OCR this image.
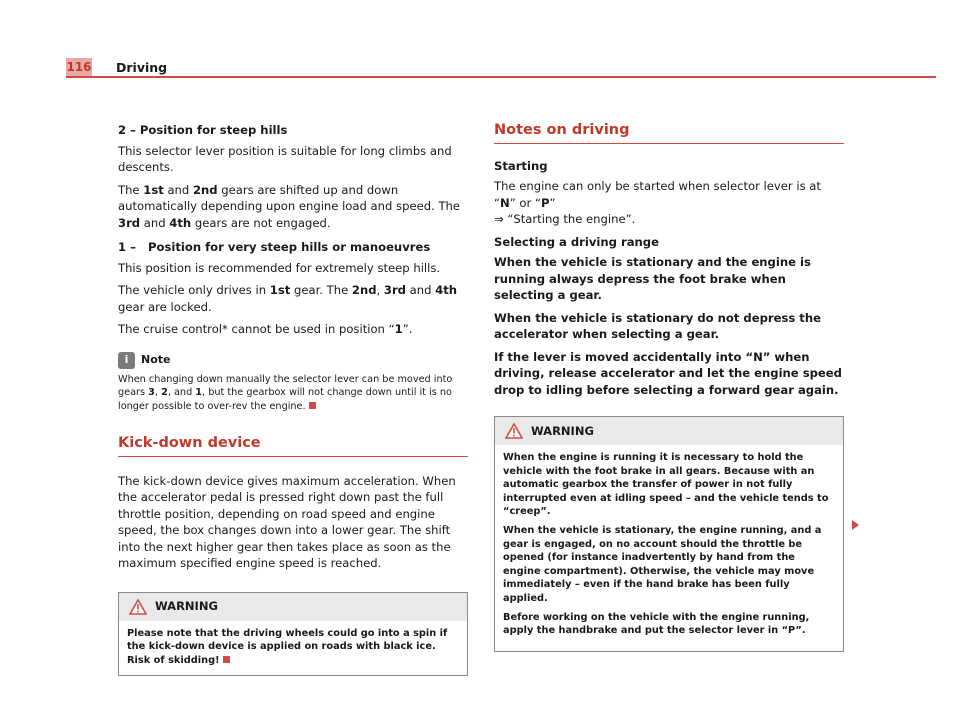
116 Driving
2 – Position for steep hills

This selector lever position is suitable for long climbs and descents.

The 1st and 2nd gears are shifted up and down automatically depending upon engine load and speed. The 3rd and 4th gears are not engaged.

1 –   Position for very steep hills or manoeuvres

This position is recommended for extremely steep hills.

The vehicle only drives in 1st gear. The 2nd, 3rd and 4th gear are locked.

The cruise control* cannot be used in position “1”.

i	Note
When changing down manually the selector lever can be moved into gears 3, 2, and 1, but the gearbox will not change down until it is no longer possible to over-rev the engine.
Kick-down device

The kick-down device gives maximum acceleration. When the accelerator pedal is pressed right down past the full throttle position, depending on road speed and engine speed, the box changes down into a lower gear. The shift into the next higher gear then takes place as soon as the maximum specified engine speed is reached.

WARNING
Please note that the driving wheels could go into a spin if the kick-down device is applied on roads with black ice. Risk of skidding!
Notes on driving
Starting

The engine can only be started when selector lever is at “N” or “P”
⇒ “Starting the engine”.

Selecting a driving range

When the vehicle is stationary and the engine is running always depress the foot brake when selecting a gear.

When the vehicle is stationary do not depress the accelerator when selecting a gear.

If the lever is moved accidentally into “N” when driving, release accelerator and let the engine speed drop to idling before selecting a forward gear again.

WARNING

When the engine is running it is necessary to hold the vehicle with the foot brake in all gears. Because with an automatic gearbox the transfer of power in not fully interrupted even at idling speed – and the vehicle tends to “creep”.

When the vehicle is stationary, the engine running, and a gear is engaged, on no account should the throttle be opened (for instance inadvertently by hand from the engine compartment). Otherwise, the vehicle may move immediately – even if the hand brake has been fully applied.

Before working on the vehicle with the engine running, apply the handbrake and put the selector lever in “P”.
